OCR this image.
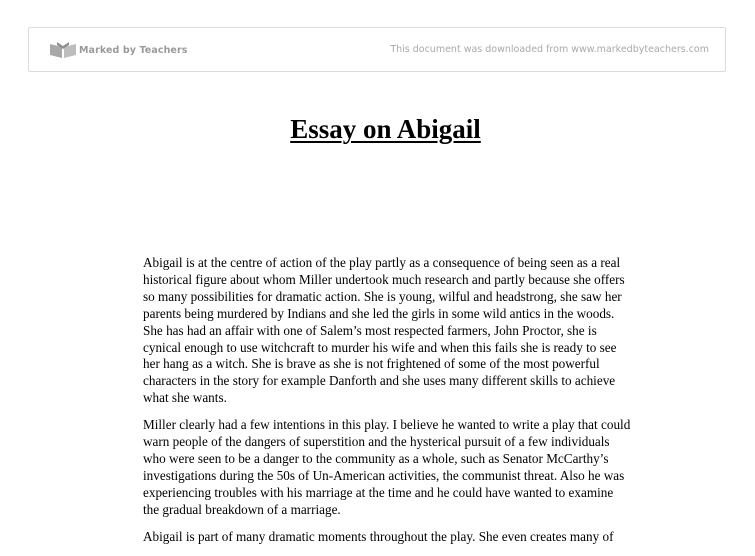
Marked by Teachers	This document was downloaded from www.markedbyteachers.com
Essay on Abigail

Abigail is at the centre of action of the play partly as a consequence of being seen as a real historical figure about whom Miller undertook much research and partly because she offers so many possibilities for dramatic action. She is young, wilful and headstrong, she saw her parents being murdered by Indians and she led the girls in some wild antics in the woods. She has had an affair with one of Salem’s most respected farmers, John Proctor, she is cynical enough to use witchcraft to murder his wife and when this fails she is ready to see her hang as a witch. She is brave as she is not frightened of some of the most powerful characters in the story for example Danforth and she uses many different skills to achieve what she wants.

Miller clearly had a few intentions in this play. I believe he wanted to write a play that could warn people of the dangers of superstition and the hysterical pursuit of a few individuals who were seen to be a danger to the community as a whole, such as Senator McCarthy’s investigations during the 50s of Un-American activities, the communist threat. Also he was experiencing troubles with his marriage at the time and he could have wanted to examine the gradual breakdown of a marriage.

Abigail is part of many dramatic moments throughout the play. She even creates many of
